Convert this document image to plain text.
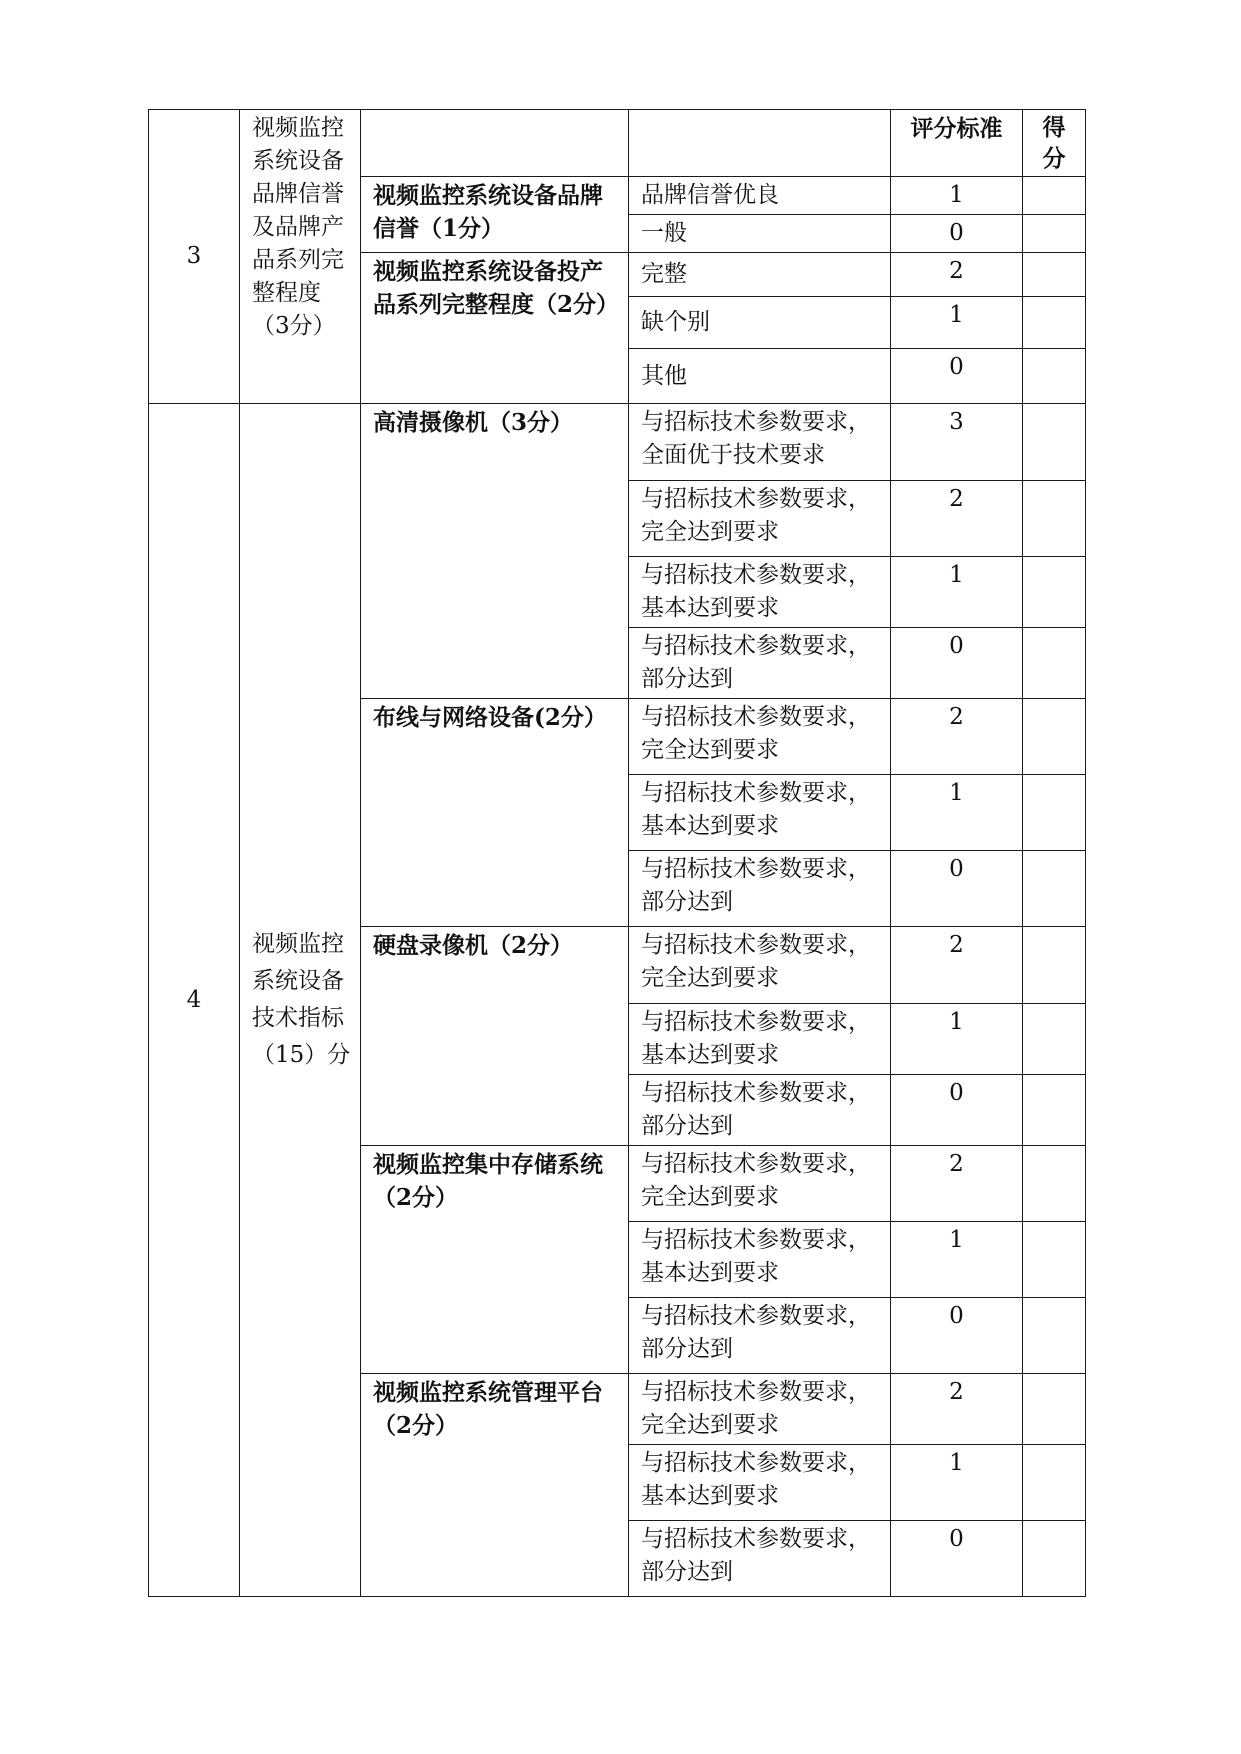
3	视频监控系统设备品牌信誉及品牌产品系列完整程度（3分）			评分标准	得分
		视频监控系统设备品牌信誉（1分）	品牌信誉优良	1	
			一般	0	
		视频监控系统设备投产品系列完整程度（2分）	完整	2	
			缺个别	1	
			其他	0	
4	视频监控系统设备技术指标（15）分	高清摄像机（3分）	与招标技术参数要求，全面优于技术要求	3	
			与招标技术参数要求，完全达到要求	2	
			与招标技术参数要求，基本达到要求	1	
			与招标技术参数要求，部分达到	0	
		布线与网络设备(2分）	与招标技术参数要求，完全达到要求	2	
			与招标技术参数要求，基本达到要求	1	
			与招标技术参数要求，部分达到	0	
		硬盘录像机（2分）	与招标技术参数要求，完全达到要求	2	
			与招标技术参数要求，基本达到要求	1	
			与招标技术参数要求，部分达到	0	
		视频监控集中存储系统（2分）	与招标技术参数要求，完全达到要求	2	
			与招标技术参数要求，基本达到要求	1	
			与招标技术参数要求，部分达到	0	
		视频监控系统管理平台（2分）	与招标技术参数要求，完全达到要求	2	
			与招标技术参数要求，基本达到要求	1	
			与招标技术参数要求，部分达到	0	
